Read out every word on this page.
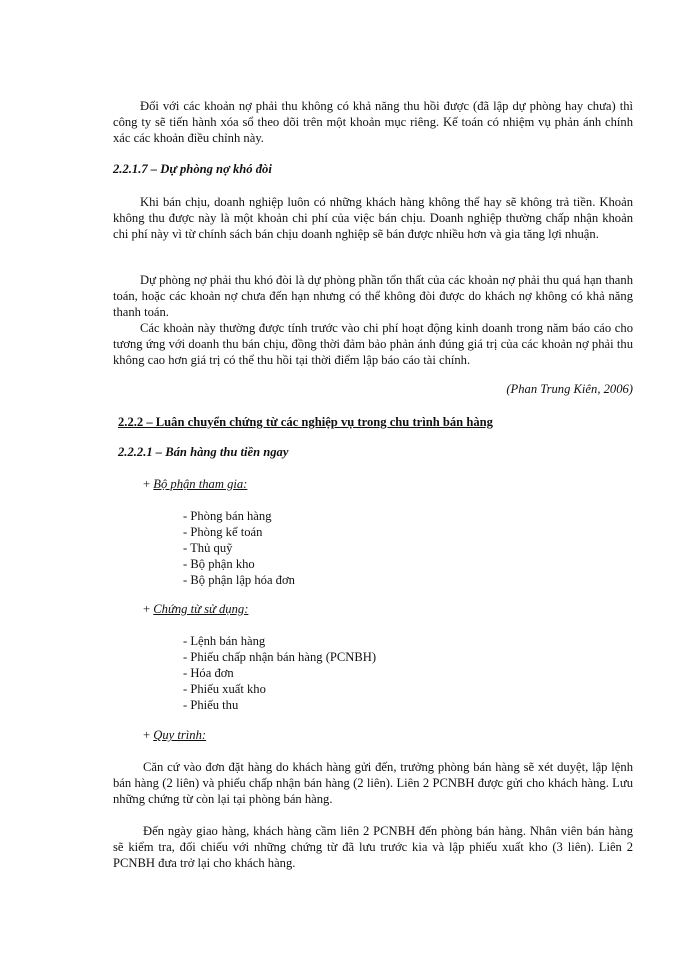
Đối với các khoản nợ phải thu không có khả năng thu hồi được (đã lập dự phòng hay chưa) thì công ty sẽ tiến hành xóa sổ theo dõi trên một khoản mục riêng. Kế toán có nhiệm vụ phản ánh chính xác các khoản điều chỉnh này.

2.2.1.7 – Dự phòng nợ khó đòi

Khi bán chịu, doanh nghiệp luôn có những khách hàng không thể hay sẽ không trả tiền. Khoản không thu được này là một khoản chi phí của việc bán chịu. Doanh nghiệp thường chấp nhận khoản chi phí này vì từ chính sách bán chịu doanh nghiệp sẽ bán được nhiều hơn và gia tăng lợi nhuận.

Dự phòng nợ phải thu khó đòi là dự phòng phần tổn thất của các khoản nợ phải thu quá hạn thanh toán, hoặc các khoản nợ chưa đến hạn nhưng có thể không đòi được do khách nợ không có khả năng thanh toán.

Các khoản này thường được tính trước vào chi phí hoạt động kinh doanh trong năm báo cáo cho tương ứng với doanh thu bán chịu, đồng thời đảm bảo phản ánh đúng giá trị của các khoản nợ phải thu không cao hơn giá trị có thể thu hồi tại thời điểm lập báo cáo tài chính.

(Phan Trung Kiên, 2006)

2.2.2 – Luân chuyển chứng từ các nghiệp vụ trong chu trình bán hàng

2.2.2.1 – Bán hàng thu tiền ngay

+ Bộ phận tham gia:

- Phòng bán hàng
- Phòng kế toán
- Thủ quỹ
- Bộ phận kho
- Bộ phận lập hóa đơn

+ Chứng từ sử dụng:

- Lệnh bán hàng
- Phiếu chấp nhận bán hàng (PCNBH)
- Hóa đơn
- Phiếu xuất kho
- Phiếu thu

+ Quy trình:

Căn cứ vào đơn đặt hàng do khách hàng gửi đến, trưởng phòng bán hàng sẽ xét duyệt, lập lệnh bán hàng (2 liên) và phiếu chấp nhận bán hàng (2 liên). Liên 2 PCNBH được gửi cho khách hàng. Lưu những chứng từ còn lại tại phòng bán hàng.

Đến ngày giao hàng, khách hàng cầm liên 2 PCNBH đến phòng bán hàng. Nhân viên bán hàng sẽ kiểm tra, đối chiếu với những chứng từ đã lưu trước kia và lập phiếu xuất kho (3 liên). Liên 2 PCNBH đưa trở lại cho khách hàng.
